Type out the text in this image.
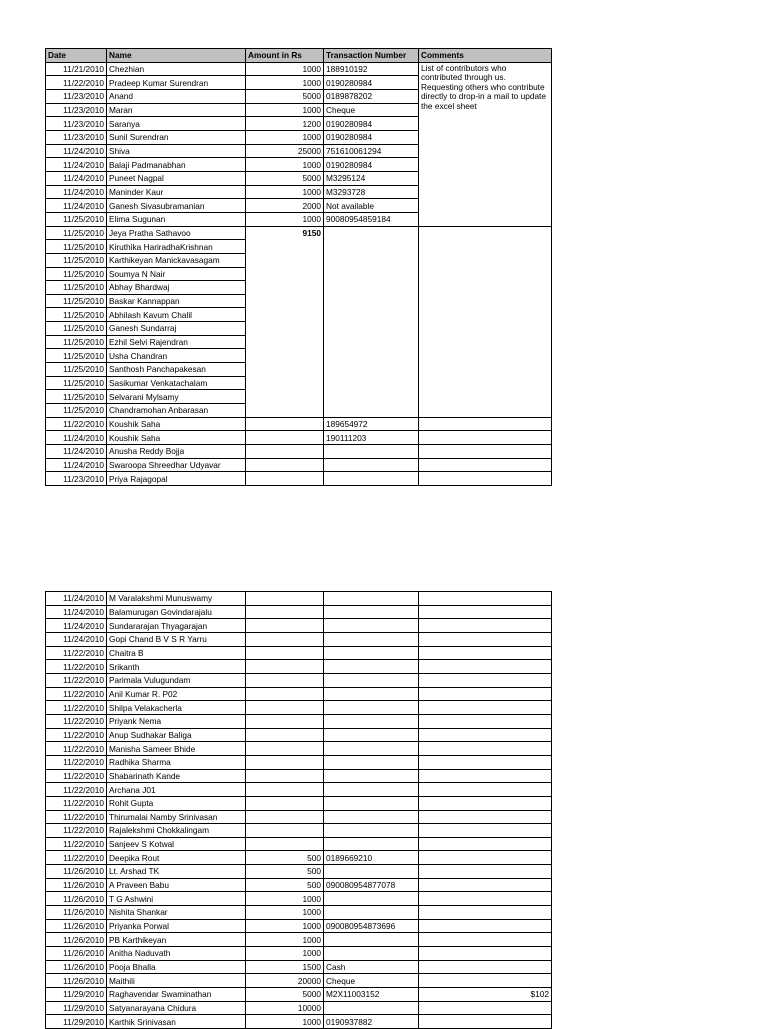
Date	Name	Amount in Rs	Transaction Number	Comments
11/21/2010	Chezhian	1000	188910192	List of contributors who contributed through us. Requesting others who contribute directly to drop-in a mail to update the excel sheet
11/22/2010	Pradeep Kumar Surendran	1000	0190280984	
11/23/2010	Anand	5000	0189878202	
11/23/2010	Maran	1000	Cheque	
11/23/2010	Saranya	1200	0190280984	
11/23/2010	Sunil Surendran	1000	0190280984	
11/24/2010	Shiva	25000	751610061294	
11/24/2010	Balaji Padmanabhan	1000	0190280984	
11/24/2010	Puneet Nagpal	5000	M3295124	
11/24/2010	Maninder Kaur	1000	M3293728	
11/24/2010	Ganesh Sivasubramanian	2000	Not available	
11/25/2010	Elima Sugunan	1000	90080954859184	
11/25/2010	Jeya Pratha Sathavoo	9150		
11/25/2010	Kiruthika HariradhaKrishnan			
11/25/2010	Karthikeyan Manickavasagam			
11/25/2010	Soumya N Nair			
11/25/2010	Abhay Bhardwaj			
11/25/2010	Baskar Kannappan			
11/25/2010	Abhilash Kavum Chalil			
11/25/2010	Ganesh Sundarraj			
11/25/2010	Ezhil Selvi Rajendran			
11/25/2010	Usha Chandran			
11/25/2010	Santhosh Panchapakesan			
11/25/2010	Sasikumar Venkatachalam			
11/25/2010	Selvarani Mylsamy			
11/25/2010	Chandramohan Anbarasan			
11/22/2010	Koushik Saha		189654972	
11/24/2010	Koushik Saha		190111203	
11/24/2010	Anusha Reddy Bojja			
11/24/2010	Swaroopa Shreedhar Udyavar			
11/23/2010	Priya Rajagopal			
11/24/2010	M Varalakshmi Munuswamy			
11/24/2010	Balamurugan Govindarajalu			
11/24/2010	Sundararajan Thyagarajan			
11/24/2010	Gopi Chand B V S R Yarru			
11/22/2010	Chaitra B			
11/22/2010	Srikanth			
11/22/2010	Parimala Vulugundam			
11/22/2010	Anil Kumar R. P02			
11/22/2010	Shilpa Velakacherla			
11/22/2010	Priyank Nema			
11/22/2010	Anup Sudhakar Baliga			
11/22/2010	Manisha Sameer Bhide			
11/22/2010	Radhika Sharma			
11/22/2010	Shabarinath Kande			
11/22/2010	Archana J01			
11/22/2010	Rohit Gupta			
11/22/2010	Thirumalai Namby Srinivasan			
11/22/2010	Rajalekshmi Chokkalingam			
11/22/2010	Sanjeev S Kotwal			
11/22/2010	Deepika Rout	500	0189669210	
11/26/2010	Lt. Arshad TK	500		
11/26/2010	A Praveen Babu	500	090080954877078	
11/26/2010	T G Ashwini	1000		
11/26/2010	Nishita Shankar	1000		
11/26/2010	Priyanka Porwal	1000	090080954873696	
11/26/2010	PB Karthikeyan	1000		
11/26/2010	Anitha Naduvath	1000		
11/26/2010	Pooja Bhalla	1500	Cash	
11/26/2010	Maithili	20000	Cheque	
11/29/2010	Raghavendar Swaminathan	5000	M2X11003152	$102
11/29/2010	Satyanarayana Chidura	10000		
11/29/2010	Karthik Srinivasan	1000	0190937882	
